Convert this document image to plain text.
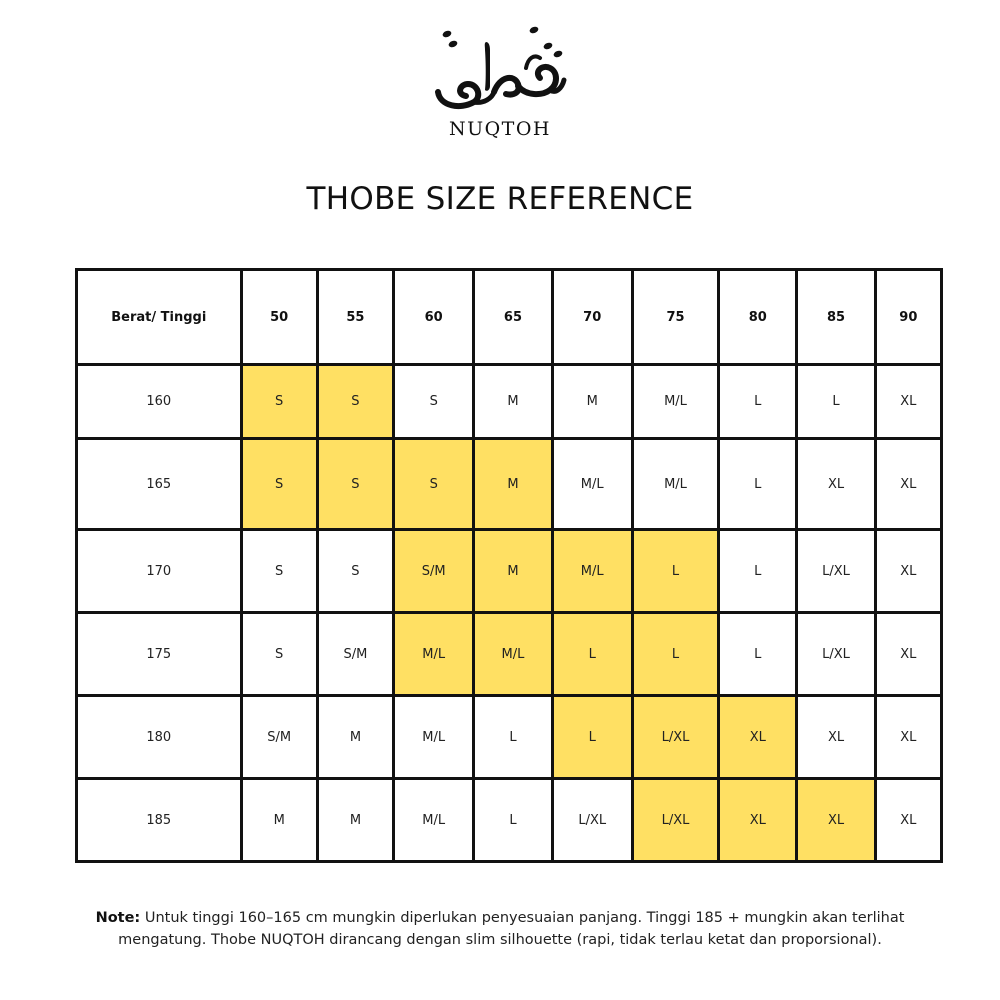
NUQTOH
THOBE SIZE REFERENCE
Berat/ Tinggi	50	55	60	65	70	75	80	85	90
160	S	S	S	M	M	M/L	L	L	XL
165	S	S	S	M	M/L	M/L	L	XL	XL
170	S	S	S/M	M	M/L	L	L	L/XL	XL
175	S	S/M	M/L	M/L	L	L	L	L/XL	XL
180	S/M	M	M/L	L	L	L/XL	XL	XL	XL
185	M	M	M/L	L	L/XL	L/XL	XL	XL	XL
Note: Untuk tinggi 160–165 cm mungkin diperlukan penyesuaian panjang. Tinggi 185 + mungkin akan terlihat mengatung. Thobe NUQTOH dirancang dengan slim silhouette (rapi, tidak terlau ketat dan proporsional).
